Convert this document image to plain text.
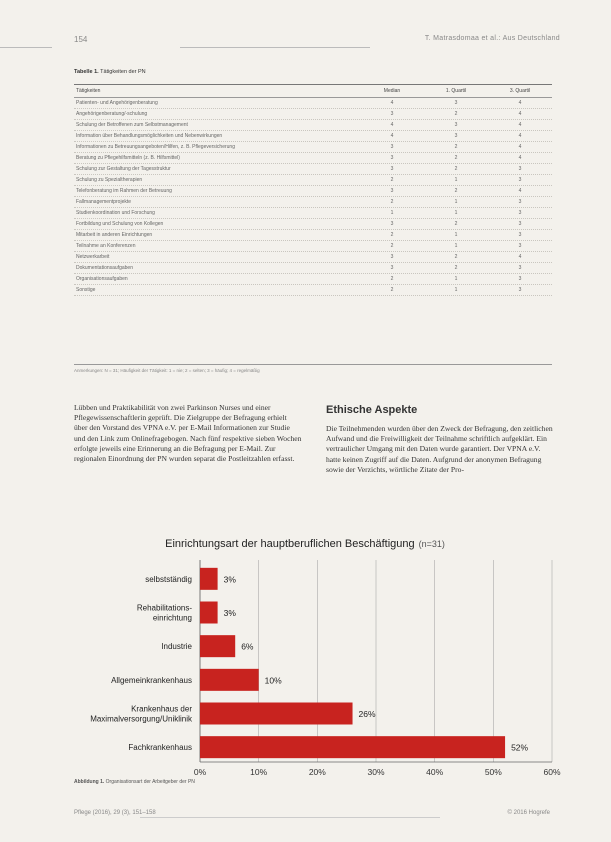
154	T. Matrasdomaa et al.: Aus Deutschland
Tabelle 1. Tätigkeiten der PN
Tätigkeiten	Median	1. Quartil	3. Quartil
Patienten- und Angehörigenberatung	4	3	4
Angehörigenberatung/-schulung	3	2	4
Schulung der Betroffenen zum Selbstmanagement	4	3	4
Information über Behandlungsmöglichkeiten und Nebenwirkungen	4	3	4
Informationen zu Betreuungsangeboten/Hilfen, z. B. Pflegeversicherung	3	2	4
Beratung zu Pflegehilfsmitteln (z. B. Hilfsmittel)	3	2	4
Schulung zur Gestaltung der Tagesstruktur	3	2	3
Schulung zu Spezialtherapien	2	1	3
Telefonberatung im Rahmen der Betreuung	3	2	4
Fallmanagementprojekte	2	1	3
Studienkoordination und Forschung	1	1	3
Fortbildung und Schulung von Kollegen	3	2	3
Mitarbeit in anderen Einrichtungen	2	1	3
Teilnahme an Konferenzen	2	1	3
Netzwerkarbeit	3	2	4
Dokumentationsaufgaben	3	2	3
Organisationsaufgaben	2	1	3
Sonstige	2	1	3
Anmerkungen: N = 31; Häufigkeit der Tätigkeit: 1 = nie; 2 = selten; 3 = häufig; 4 = regelmäßig
Lübben und Praktikabilität von zwei Parkinson Nurses und einer Pflegewissenschaftlerin geprüft. Die Zielgruppe der Befragung erhielt über den Vorstand des VPNA e.V. per E-Mail Informationen zur Studie und den Link zum Onlinefragebogen. Nach fünf respektive sieben Wochen erfolgte jeweils eine Erinnerung an die Befragung per E-Mail. Zur regionalen Einordnung der PN wurden separat die Postleitzahlen erfasst.
Ethische Aspekte
Die Teilnehmenden wurden über den Zweck der Befragung, den zeitlichen Aufwand und die Freiwilligkeit der Teilnahme schriftlich aufgeklärt. Ein vertraulicher Umgang mit den Daten wurde garantiert. Der VPNA e.V. hatte keinen Zugriff auf die Daten. Aufgrund der anonymen Befragung sowie der Verzichts, wörtliche Zitate der Pro-
Einrichtungsart der hauptberuflichen Beschäftigung (n=31)
0%	10%	20%	30%	40%	50%	60%
3%
selbstständig
3%
Rehabilitations-
einrichtung
6%
Industrie
10%
Allgemeinkrankenhaus
26%
Krankenhaus der
Maximalversorgung/Uniklinik
52%
Fachkrankenhaus
Abbildung 1. Organisationsart der Arbeitgeber der PN
Pflege (2016), 29 (3), 151–158	© 2016 Hogrefe
